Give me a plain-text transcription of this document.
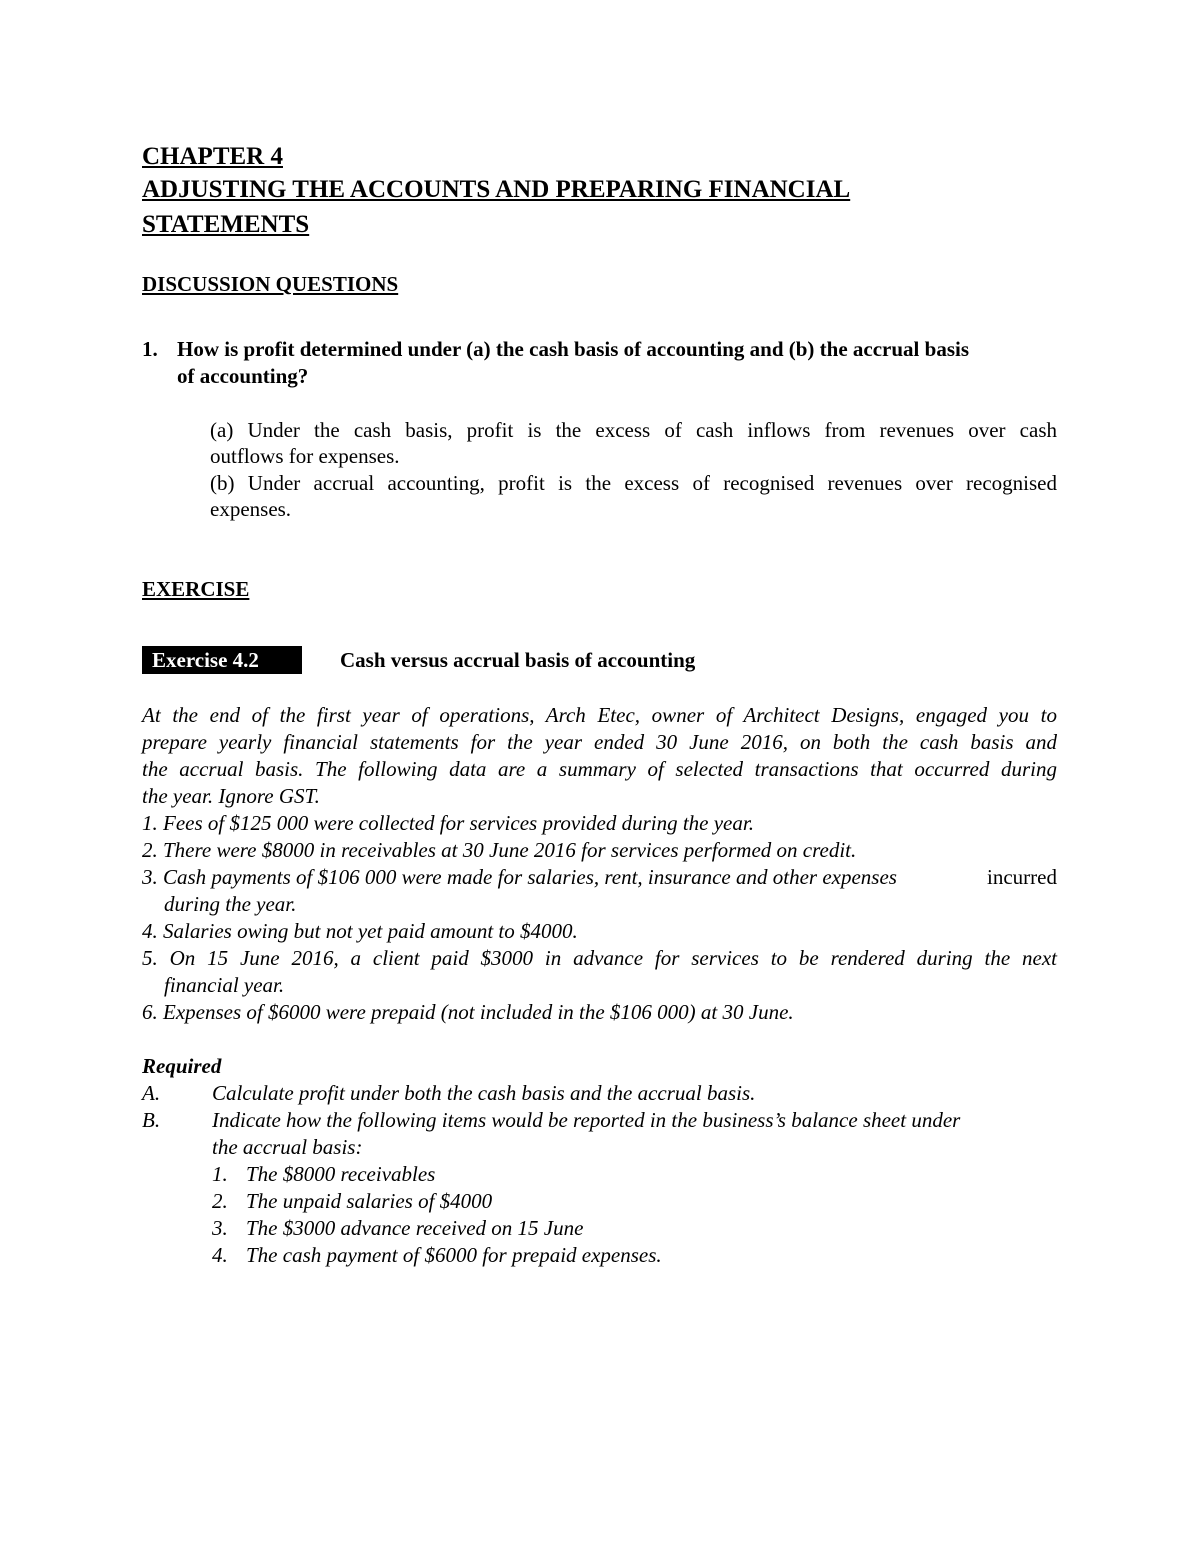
CHAPTER 4
ADJUSTING THE ACCOUNTS AND PREPARING FINANCIAL
STATEMENTS
DISCUSSION QUESTIONS
1. How is profit determined under (a) the cash basis of accounting and (b) the accrual basis
of accounting?
(a) Under the cash basis, profit is the excess of cash inflows from revenues over cash
outflows for expenses.
(b) Under accrual accounting, profit is the excess of recognised revenues over recognised
expenses.
EXERCISE
Exercise 4.2	Cash versus accrual basis of accounting
At the end of the first year of operations, Arch Etec, owner of Architect Designs, engaged you to
prepare yearly financial statements for the year ended 30 June 2016, on both the cash basis and
the accrual basis. The following data are a summary of selected transactions that occurred during
the year. Ignore GST.
1. Fees of $125 000 were collected for services provided during the year.
2. There were $8000 in receivables at 30 June 2016 for services performed on credit.
3. Cash payments of $106 000 were made for salaries, rent, insurance and other expenses	incurred
during the year.
4. Salaries owing but not yet paid amount to $4000.
5. On 15 June 2016, a client paid $3000 in advance for services to be rendered during the next
financial year.
6. Expenses of $6000 were prepaid (not included in the $106 000) at 30 June.
Required
A. Calculate profit under both the cash basis and the accrual basis.
B. Indicate how the following items would be reported in the business’s balance sheet under
the accrual basis:
1. The $8000 receivables
2. The unpaid salaries of $4000
3. The $3000 advance received on 15 June
4. The cash payment of $6000 for prepaid expenses.
